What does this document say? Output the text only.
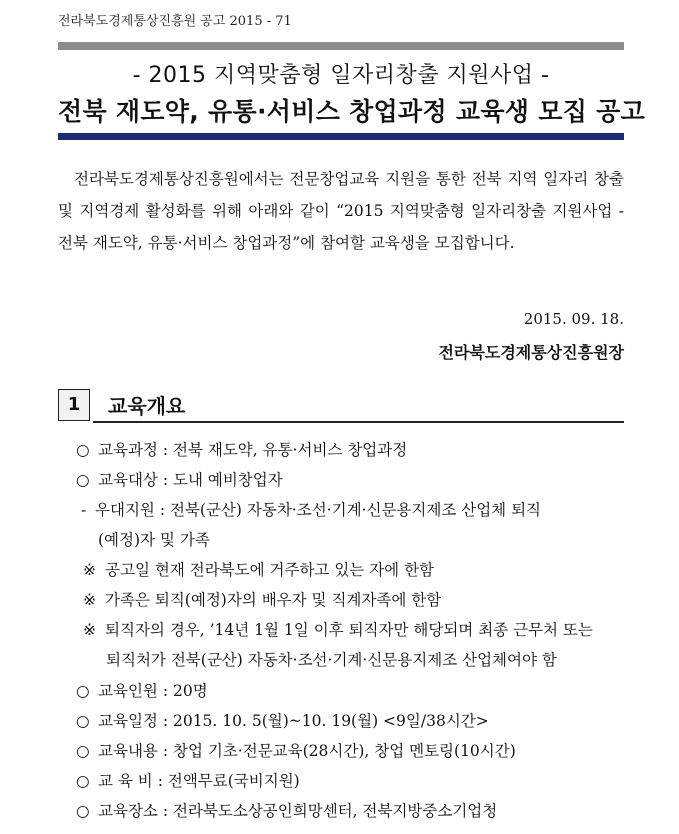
전라북도경제통상진흥원 공고 2015 - 71
- 2015 지역맞춤형 일자리창출 지원사업 -
전북 재도약, 유통·서비스 창업과정 교육생 모집 공고
전라북도경제통상진흥원에서는 전문창업교육 지원을 통한 전북 지역 일자리 창출 및 지역경제 활성화를 위해 아래와 같이 “2015 지역맞춤형 일자리창출 지원사업 - 전북 재도약, 유통·서비스 창업과정”에 참여할 교육생을 모집합니다.
2015. 09. 18.
전라북도경제통상진흥원장
1	교육개요
○ 교육과정 : 전북 재도약, 유통·서비스 창업과정
○ 교육대상 : 도내 예비창업자
- 우대지원 : 전북(군산) 자동차·조선·기계·신문용지제조 산업체 퇴직
(예정)자 및 가족
※ 공고일 현재 전라북도에 거주하고 있는 자에 한함
※ 가족은 퇴직(예정)자의 배우자 및 직계자족에 한함
※ 퇴직자의 경우, ’14년 1월 1일 이후 퇴직자만 해당되며 최종 근무처 또는
퇴직처가 전북(군산) 자동차·조선·기계·신문용지제조 산업체여야 함
○ 교육인원 : 20명
○ 교육일정 : 2015. 10. 5(월)~10. 19(월) <9일/38시간>
○ 교육내용 : 창업 기초·전문교육(28시간), 창업 멘토링(10시간)
○ 교 육 비 : 전액무료(국비지원)
○ 교육장소 : 전라북도소상공인희망센터, 전북지방중소기업청
